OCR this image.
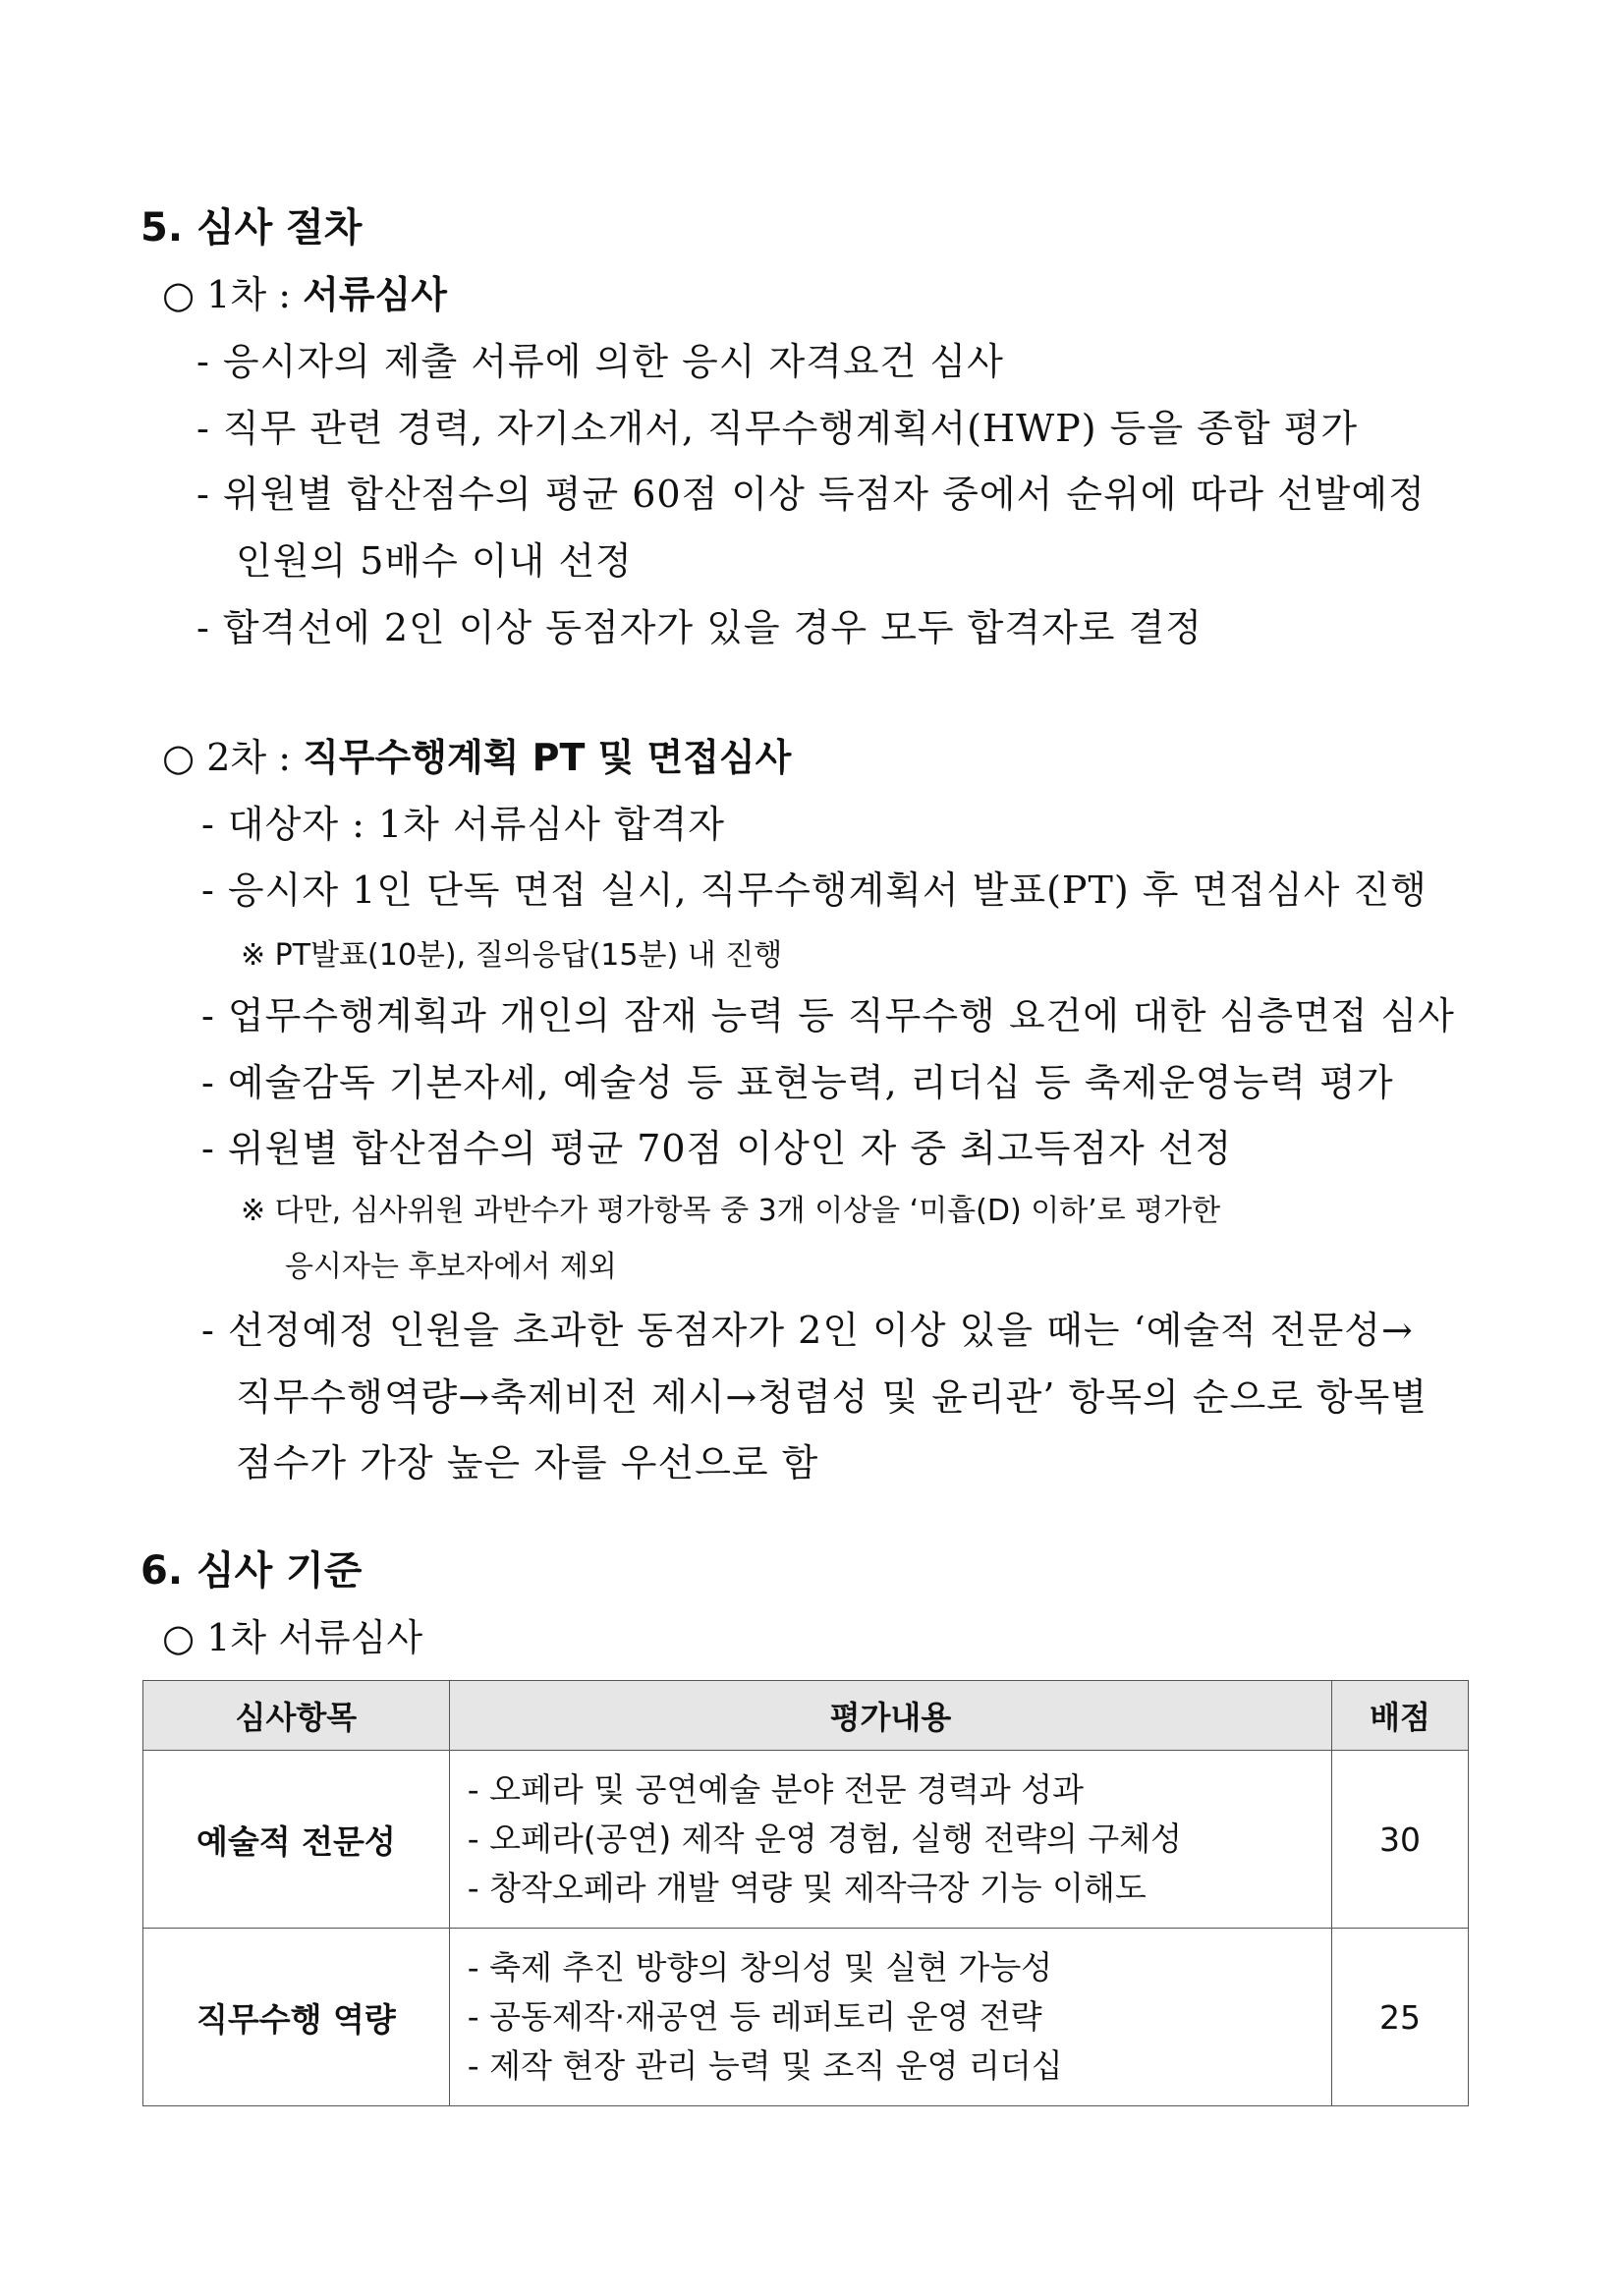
5. 심사 절차
○ 1차 : 서류심사
- 응시자의 제출 서류에 의한 응시 자격요건 심사
- 직무 관련 경력, 자기소개서, 직무수행계획서(HWP) 등을 종합 평가
- 위원별 합산점수의 평균 60점 이상 득점자 중에서 순위에 따라 선발예정
인원의 5배수 이내 선정
- 합격선에 2인 이상 동점자가 있을 경우 모두 합격자로 결정
○ 2차 : 직무수행계획 PT 및 면접심사
- 대상자 : 1차 서류심사 합격자
- 응시자 1인 단독 면접 실시, 직무수행계획서 발표(PT) 후 면접심사 진행
※ PT발표(10분), 질의응답(15분) 내 진행
- 업무수행계획과 개인의 잠재 능력 등 직무수행 요건에 대한 심층면접 심사
- 예술감독 기본자세, 예술성 등 표현능력, 리더십 등 축제운영능력 평가
- 위원별 합산점수의 평균 70점 이상인 자 중 최고득점자 선정
※ 다만, 심사위원 과반수가 평가항목 중 3개 이상을 ‘미흡(D) 이하’로 평가한
응시자는 후보자에서 제외
- 선정예정 인원을 초과한 동점자가 2인 이상 있을 때는 ‘예술적 전문성→
직무수행역량→축제비전 제시→청렴성 및 윤리관’ 항목의 순으로 항목별
점수가 가장 높은 자를 우선으로 함
6. 심사 기준
○ 1차 서류심사
심사항목	평가내용	배점
예술적 전문성	- 오페라 및 공연예술 분야 전문 경력과 성과
- 오페라(공연) 제작 운영 경험, 실행 전략의 구체성
- 창작오페라 개발 역량 및 제작극장 기능 이해도	30
직무수행 역량	- 축제 추진 방향의 창의성 및 실현 가능성
- 공동제작·재공연 등 레퍼토리 운영 전략
- 제작 현장 관리 능력 및 조직 운영 리더십	25
